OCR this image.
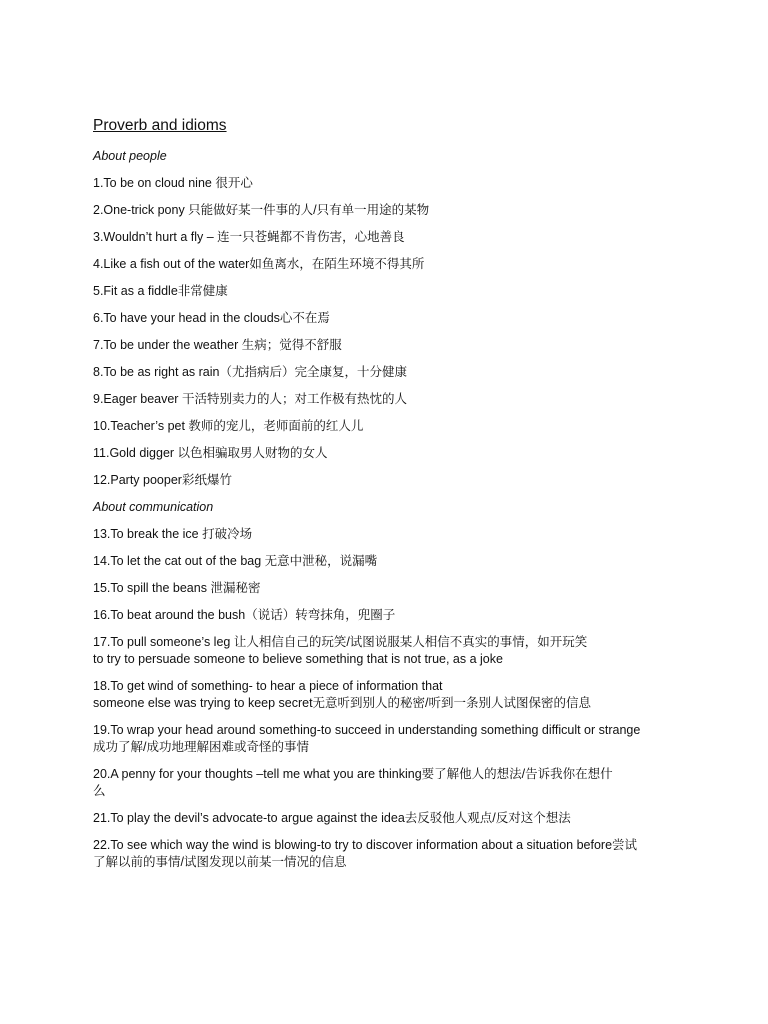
Proverb and idioms
About people
1.To be on cloud nine 很开心
2.One-trick pony 只能做好某一件事的人/只有单一用途的某物
3.Wouldn’t hurt a fly – 连一只苍蝇都不肯伤害，心地善良
4.Like a fish out of the water如鱼离水，在陌生环境不得其所
5.Fit as a fiddle非常健康
6.To have your head in the clouds心不在焉
7.To be under the weather 生病；觉得不舒服
8.To be as right as rain（尤指病后）完全康复，十分健康
9.Eager beaver 干活特别卖力的人；对工作极有热忱的人
10.Teacher’s pet 教师的宠儿，老师面前的红人儿
11.Gold digger 以色相骗取男人财物的女人
12.Party pooper彩纸爆竹
About communication
13.To break the ice 打破冷场
14.To let the cat out of the bag 无意中泄秘，说漏嘴
15.To spill the beans 泄漏秘密
16.To beat around the bush（说话）转弯抹角，兜圈子
17.To pull someone’s leg 让人相信自己的玩笑/试图说服某人相信不真实的事情，如开玩笑
to try to persuade someone to believe something that is not true, as a joke
18.To get wind of something- to hear a piece of information that
someone else was trying to keep secret无意听到别人的秘密/听到一条别人试图保密的信息
19.To wrap your head around something-to succeed in understanding something difficult or strange
成功了解/成功地理解困难或奇怪的事情
20.A penny for your thoughts –tell me what you are thinking要了解他人的想法/告诉我你在想什
么
21.To play the devil’s advocate-to argue against the idea去反驳他人观点/反对这个想法
22.To see which way the wind is blowing-to try to discover information about a situation before尝试
了解以前的事情/试图发现以前某一情况的信息
